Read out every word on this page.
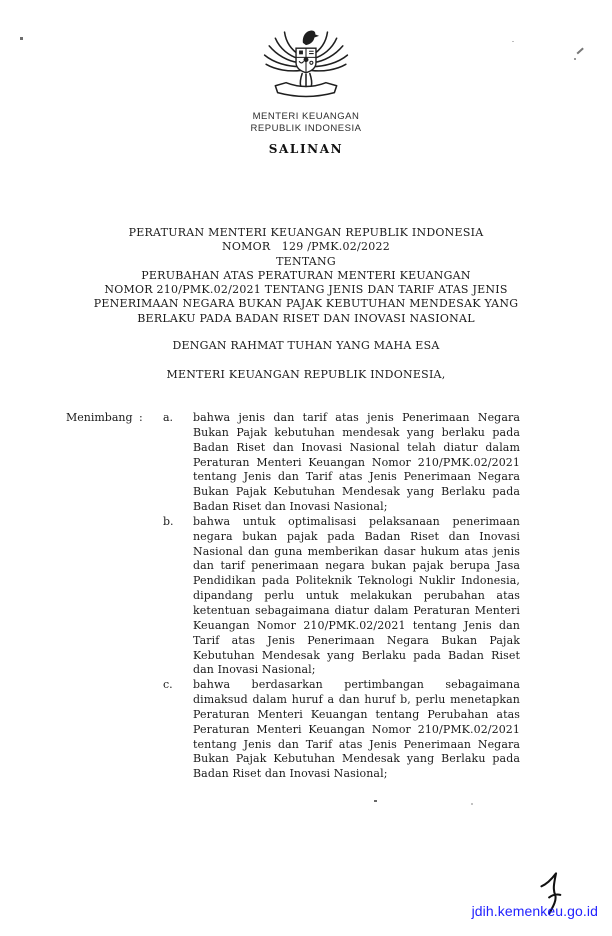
MENTERI KEUANGAN
REPUBLIK INDONESIA
SALINAN
PERATURAN MENTERI KEUANGAN REPUBLIK INDONESIA
NOMOR   129 /PMK.02/2022
TENTANG
PERUBAHAN ATAS PERATURAN MENTERI KEUANGAN
NOMOR 210/PMK.02/2021 TENTANG JENIS DAN TARIF ATAS JENIS
PENERIMAAN NEGARA BUKAN PAJAK KEBUTUHAN MENDESAK YANG
BERLAKU PADA BADAN RISET DAN INOVASI NASIONAL
DENGAN RAHMAT TUHAN YANG MAHA ESA
MENTERI KEUANGAN REPUBLIK INDONESIA,
Menimbang :	a.	bahwa jenis dan tarif atas jenis Penerimaan Negara Bukan Pajak kebutuhan mendesak yang berlaku pada Badan Riset dan Inovasi Nasional telah diatur dalam Peraturan Menteri Keuangan Nomor 210/PMK.02/2021 tentang Jenis dan Tarif atas Jenis Penerimaan Negara Bukan Pajak Kebutuhan Mendesak yang Berlaku pada Badan Riset dan Inovasi Nasional;
b.	bahwa untuk optimalisasi pelaksanaan penerimaan negara bukan pajak pada Badan Riset dan Inovasi Nasional dan guna memberikan dasar hukum atas jenis dan tarif penerimaan negara bukan pajak berupa Jasa Pendidikan pada Politeknik Teknologi Nuklir Indonesia, dipandang perlu untuk melakukan perubahan atas ketentuan sebagaimana diatur dalam Peraturan Menteri Keuangan Nomor 210/PMK.02/2021 tentang Jenis dan Tarif atas Jenis Penerimaan Negara Bukan Pajak Kebutuhan Mendesak yang Berlaku pada Badan Riset dan Inovasi Nasional;
c.	bahwa berdasarkan pertimbangan sebagaimana dimaksud dalam huruf a dan huruf b, perlu menetapkan Peraturan Menteri Keuangan tentang Perubahan atas Peraturan Menteri Keuangan Nomor 210/PMK.02/2021 tentang Jenis dan Tarif atas Jenis Penerimaan Negara Bukan Pajak Kebutuhan Mendesak yang Berlaku pada Badan Riset dan Inovasi Nasional;
jdih.kemenkeu.go.id
